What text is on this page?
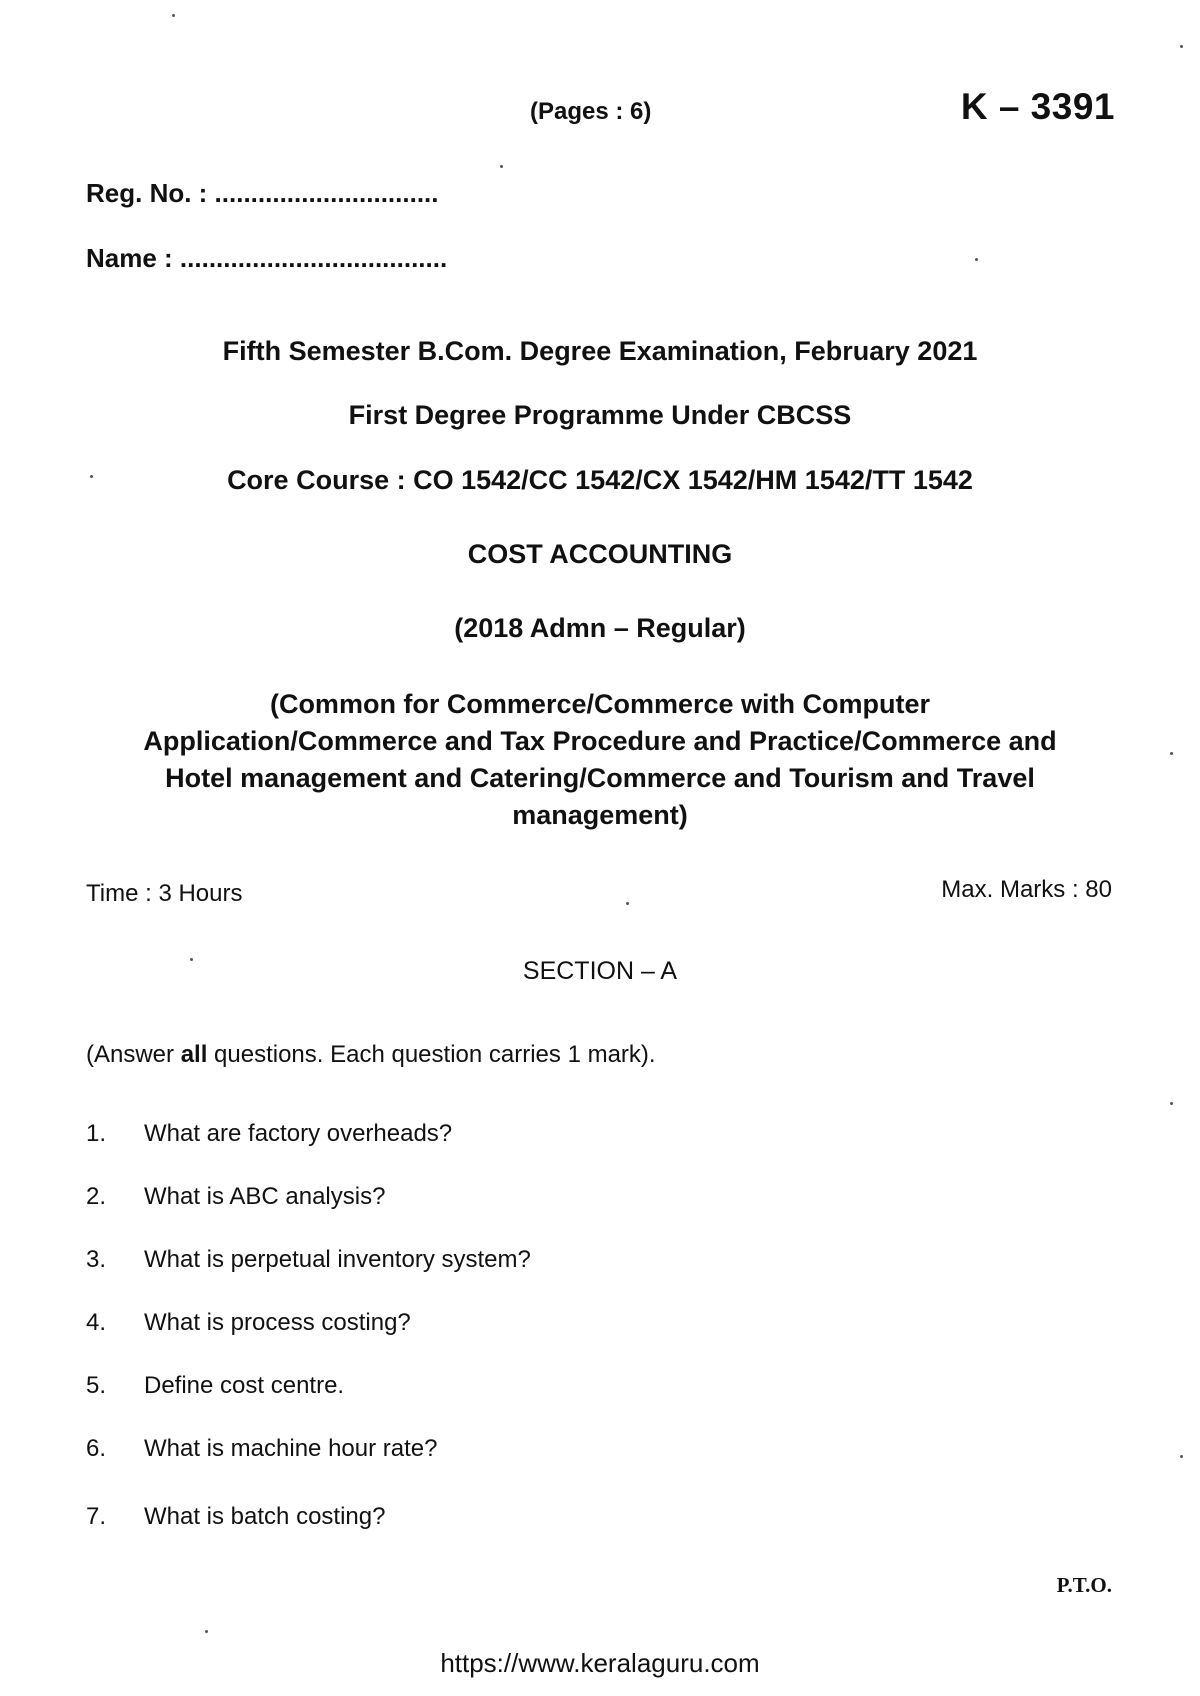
(Pages : 6)	K – 3391
Reg. No. : ...............................
Name : .....................................
Fifth Semester B.Com. Degree Examination, February 2021
First Degree Programme Under CBCSS
Core Course : CO 1542/CC 1542/CX 1542/HM 1542/TT 1542
COST ACCOUNTING
(2018 Admn – Regular)
(Common for Commerce/Commerce with Computer
Application/Commerce and Tax Procedure and Practice/Commerce and
Hotel management and Catering/Commerce and Tourism and Travel
management)
Time : 3 Hours	Max. Marks : 80
SECTION – A
(Answer all questions. Each question carries 1 mark).
1.	What are factory overheads?
2.	What is ABC analysis?
3.	What is perpetual inventory system?
4.	What is process costing?
5.	Define cost centre.
6.	What is machine hour rate?
7.	What is batch costing?
P.T.O.
https://www.keralaguru.com
